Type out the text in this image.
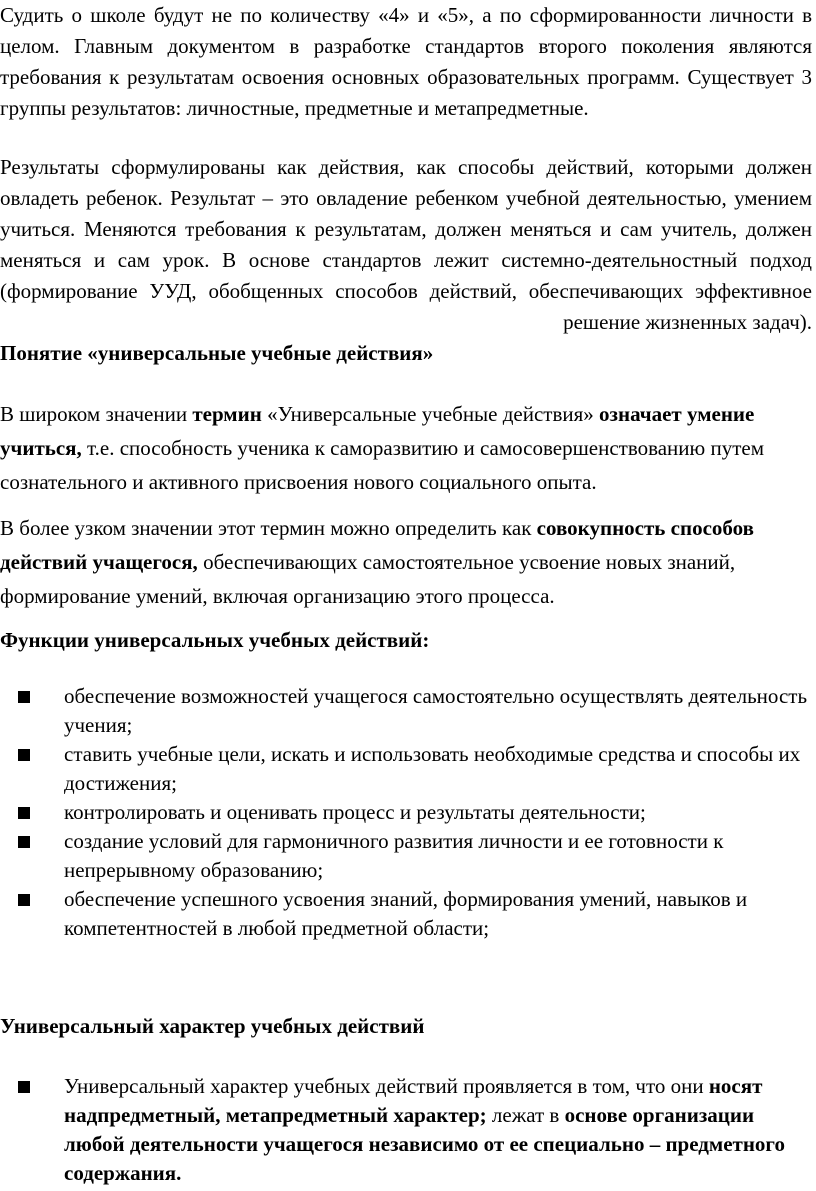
Судить о школе будут не по количеству «4» и «5», а по сформированности личности в целом. Главным документом в разработке стандартов второго поколения являются требования к результатам освоения основных образовательных программ. Существует 3 группы результатов: личностные, предметные и метапредметные.

Результаты сформулированы как действия, как способы действий, которыми должен овладеть ребенок. Результат – это овладение ребенком учебной деятельностью, умением учиться. Меняются требования к результатам, должен меняться и сам учитель, должен меняться и сам урок. В основе стандартов лежит системно-деятельностный подход (формирование УУД, обобщенных способов действий, обеспечивающих эффективное решение жизненных задач).

Понятие «универсальные учебные действия»

В широком значении термин «Универсальные учебные действия» означает умение учиться, т.е. способность ученика к саморазвитию и самосовершенствованию путем сознательного и активного присвоения нового социального опыта.

В более узком значении этот термин можно определить как совокупность способов действий учащегося, обеспечивающих самостоятельное усвоение новых знаний, формирование умений, включая организацию этого процесса.

Функции универсальных учебных действий:

обеспечение возможностей учащегося самостоятельно осуществлять деятельность учения;
ставить учебные цели, искать и использовать необходимые средства и способы их достижения;
контролировать и оценивать процесс и результаты деятельности;
создание условий для гармоничного развития личности и ее готовности к непрерывному образованию;
обеспечение успешного усвоения знаний, формирования умений, навыков и компетентностей в любой предметной области;

Универсальный характер учебных действий

Универсальный характер учебных действий проявляется в том, что они носят надпредметный, метапредметный характер; лежат в основе организации любой деятельности учащегося независимо от ее специально – предметного содержания.
